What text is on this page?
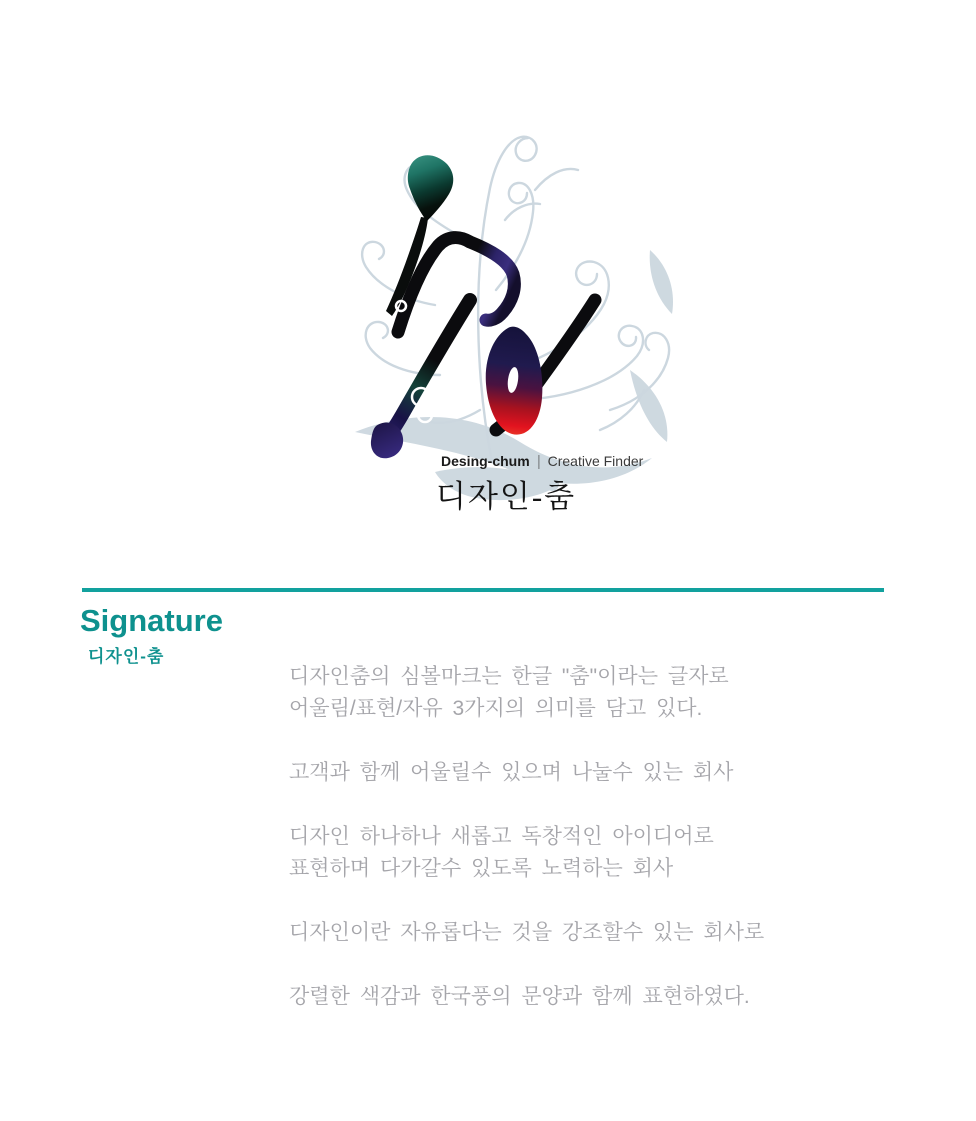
Desing-chum | Creative Finder
디자인-춤
Signature
디자인-춤

디자인춤의 심볼마크는 한글 "춤"이라는 글자로
어울림/표현/자유 3가지의 의미를 담고 있다.

고객과 함께 어울릴수 있으며 나눌수 있는 회사

디자인 하나하나 새롭고 독창적인 아이디어로
표현하며 다가갈수 있도록 노력하는 회사

디자인이란 자유롭다는 것을 강조할수 있는 회사로

강렬한 색감과 한국풍의 문양과 함께 표현하였다.
